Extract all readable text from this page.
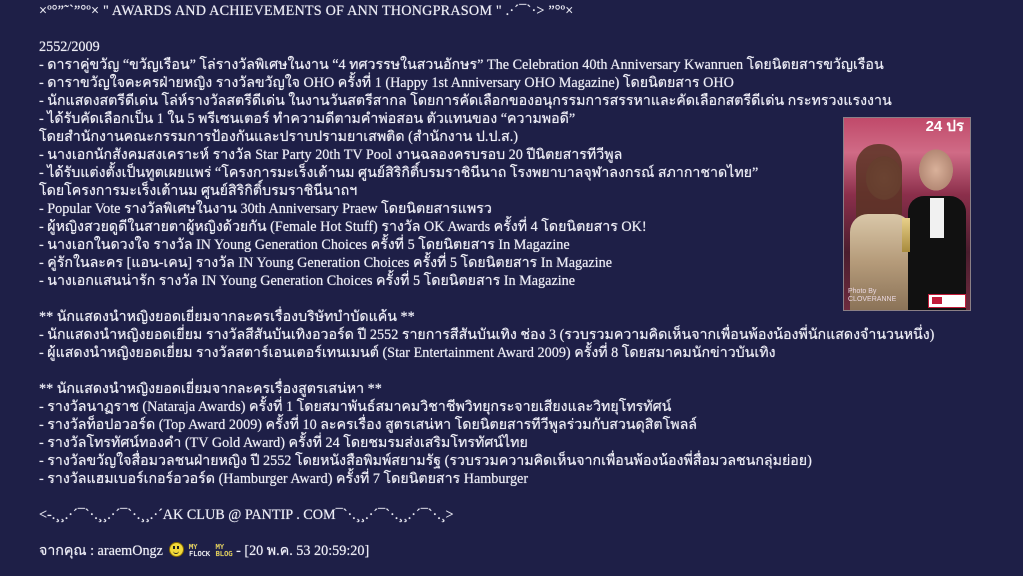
×º°”˜`”°º× " AWARDS AND ACHIEVEMENTS OF ANN THONGPRASOM " .·´¯`·> ”°º×
2552/2009
- ดาราคู่ขวัญ “ขวัญเรือน” โล่รางวัลพิเศษในงาน “4 ทศวรรษในสวนอักษร” The Celebration 40th Anniversary Kwanruen โดยนิตยสารขวัญเรือน
- ดาราขวัญใจคะครฝ่ายหญิง รางวัลขวัญใจ OHO ครั้งที่ 1 (Happy 1st Anniversary OHO Magazine) โดยนิตยสาร OHO
- นักแสดงสตรีดีเด่น โล่ห์รางวัลสตรีดีเด่น ในงานวันสตรีสากล โดยการคัดเลือกของอนุกรรมการสรรหาและคัดเลือกสตรีดีเด่น กระทรวงแรงงาน
- ได้รับคัดเลือกเป็น 1 ใน 5 พรีเซนเตอร์ ทำความดีตามคำพ่อสอน ตัวแทนของ “ความพอดี”
โดยสำนักงานคณะกรรมการป้องกันและปราบปรามยาเสพติด (สำนักงาน ป.ป.ส.)
- นางเอกนักสังคมสงเคราะห์ รางวัล Star Party 20th TV Pool งานฉลองครบรอบ 20 ปีนิตยสารทีวีพูล
- ได้รับแต่งตั้งเป็นทูตเผยแพร่ “โครงการมะเร็งเต้านม ศูนย์สิริกิติ์บรมราชินีนาถ โรงพยาบาลจุฬาลงกรณ์ สภากาชาดไทย”
โดยโครงการมะเร็งเต้านม ศูนย์สิริกิติ์บรมราชินีนาถฯ
- Popular Vote รางวัลพิเศษในงาน 30th Anniversary Praew โดยนิตยสารแพรว
- ผู้หญิงสวยดูดีในสายตาผู้หญิงด้วยกัน (Female Hot Stuff) รางวัล OK Awards ครั้งที่ 4 โดยนิตยสาร OK!
- นางเอกในดวงใจ รางวัล IN Young Generation Choices ครั้งที่ 5 โดยนิตยสาร In Magazine
- คู่รักในละคร [แอน-เคน] รางวัล IN Young Generation Choices ครั้งที่ 5 โดยนิตยสาร In Magazine
- นางเอกแสนน่ารัก รางวัล IN Young Generation Choices ครั้งที่ 5 โดยนิตยสาร In Magazine
** นักแสดงนำหญิงยอดเยี่ยมจากละครเรื่องบริษัทบำบัดแค้น **
- นักแสดงนำหญิงยอดเยี่ยม รางวัลสีสันบันเทิงอวอร์ด ปี 2552 รายการสีสันบันเทิง ช่อง 3 (รวบรวมความคิดเห็นจากเพื่อนพ้องน้องพี่นักแสดงจำนวนหนึ่ง)
- ผู้แสดงนำหญิงยอดเยี่ยม รางวัลสตาร์เอนเตอร์เทนเมนต์ (Star Entertainment Award 2009) ครั้งที่ 8 โดยสมาคมนักข่าวบันเทิง
** นักแสดงนำหญิงยอดเยี่ยมจากละครเรื่องสูตรเสน่หา **
- รางวัลนาฏราช (Nataraja Awards) ครั้งที่ 1 โดยสมาพันธ์สมาคมวิชาชีพวิทยุกระจายเสียงและวิทยุโทรทัศน์
- รางวัลท็อปอวอร์ด (Top Award 2009) ครั้งที่ 10 ละครเรื่อง สูตรเสน่หา โดยนิตยสารทีวีพูลร่วมกับสวนดุสิตโพลล์
- รางวัลโทรทัศน์ทองคำ (TV Gold Award) ครั้งที่ 24 โดยชมรมส่งเสริมโทรทัศน์ไทย
- รางวัลขวัญใจสื่อมวลชนฝ่ายหญิง ปี 2552 โดยหนังสือพิมพ์สยามรัฐ (รวบรวมความคิดเห็นจากเพื่อนพ้องน้องพี่สื่อมวลชนกลุ่มย่อย)
- รางวัลแฮมเบอร์เกอร์อวอร์ด (Hamburger Award) ครั้งที่ 7 โดยนิตยสาร Hamburger
<-.¸¸.·´¯`·.¸¸.·´¯`·.¸¸.·´AK CLUB @ PANTIP . COM¯`·.¸¸.·´¯`·.¸¸.·´¯`·.¸>
จากคุณ : araemOngz	MY
FLOCK

MY
BLOG - [20 พ.ค. 53 20:59:20]
24 ปร
Photo By CLOVERANNE
